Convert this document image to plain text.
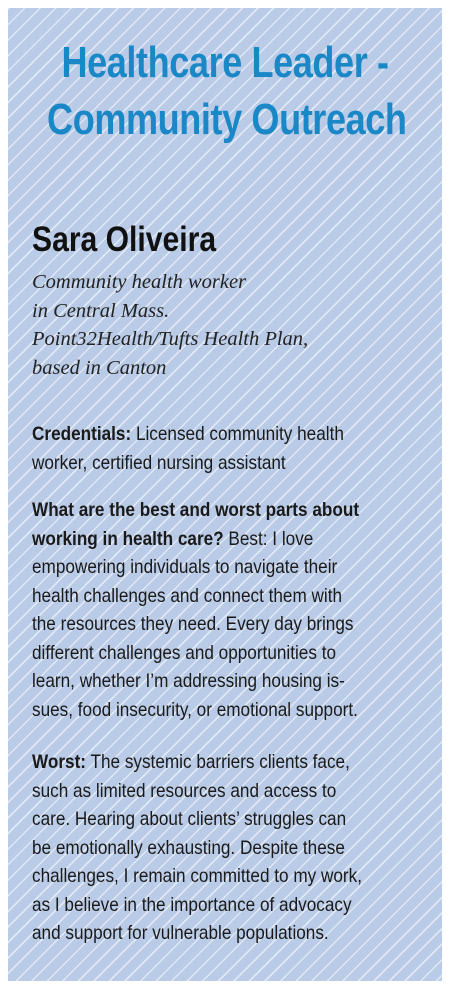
Healthcare Leader -
Community Outreach
Sara Oliveira
Community health worker
in Central Mass.
Point32Health/Tufts Health Plan,
based in Canton
Credentials: Licensed community health
worker, certified nursing assistant
What are the best and worst parts about
working in health care? Best: I love
empowering individuals to navigate their
health challenges and connect them with
the resources they need. Every day brings
different challenges and opportunities to
learn, whether I’m addressing housing is-
sues, food insecurity, or emotional support.
Worst: The systemic barriers clients face,
such as limited resources and access to
care. Hearing about clients’ struggles can
be emotionally exhausting. Despite these
challenges, I remain committed to my work,
as I believe in the importance of advocacy
and support for vulnerable populations.
